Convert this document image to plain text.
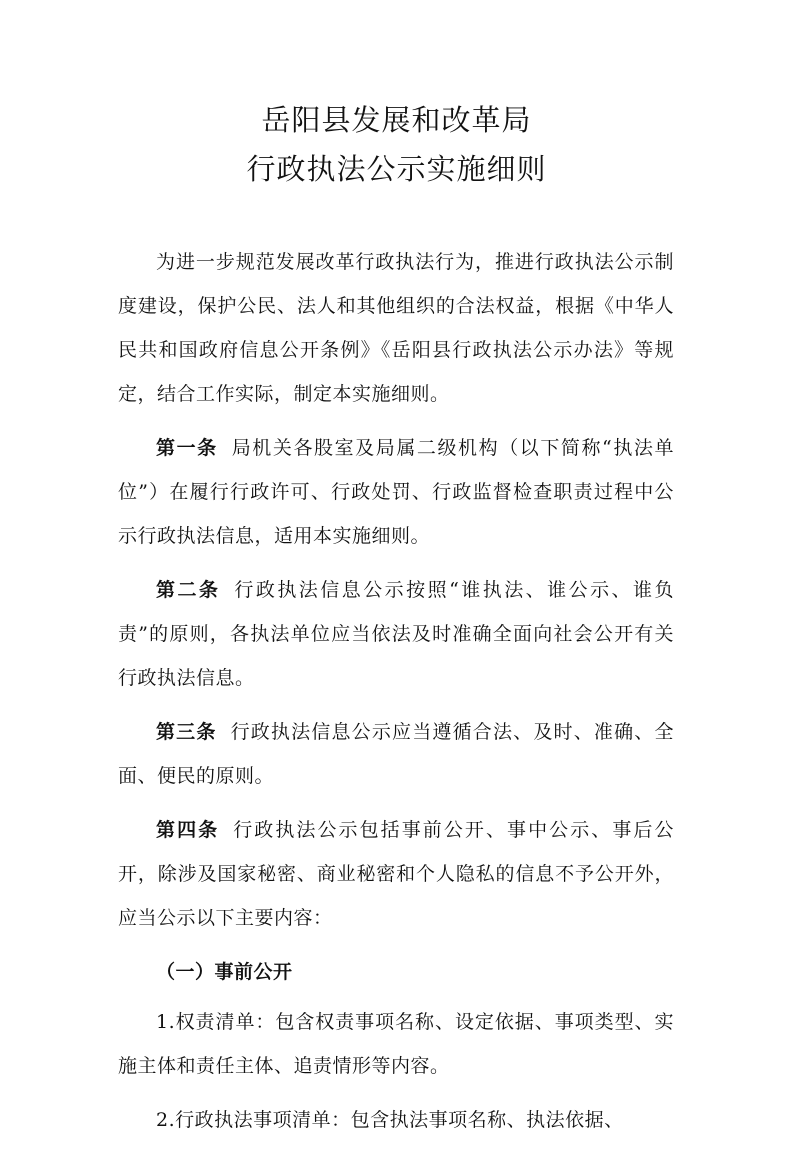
岳阳县发展和改革局
行政执法公示实施细则

为进一步规范发展改革行政执法行为，推进行政执法公示制度建设，保护公民、法人和其他组织的合法权益，根据《中华人民共和国政府信息公开条例》《岳阳县行政执法公示办法》等规定，结合工作实际，制定本实施细则。

第一条 局机关各股室及局属二级机构（以下简称“执法单位”）在履行行政许可、行政处罚、行政监督检查职责过程中公示行政执法信息，适用本实施细则。

第二条 行政执法信息公示按照“谁执法、谁公示、谁负责”的原则，各执法单位应当依法及时准确全面向社会公开有关行政执法信息。

第三条 行政执法信息公示应当遵循合法、及时、准确、全面、便民的原则。

第四条 行政执法公示包括事前公开、事中公示、事后公开，除涉及国家秘密、商业秘密和个人隐私的信息不予公开外，应当公示以下主要内容：

（一）事前公开

1.权责清单：包含权责事项名称、设定依据、事项类型、实施主体和责任主体、追责情形等内容。

2.行政执法事项清单：包含执法事项名称、执法依据、
